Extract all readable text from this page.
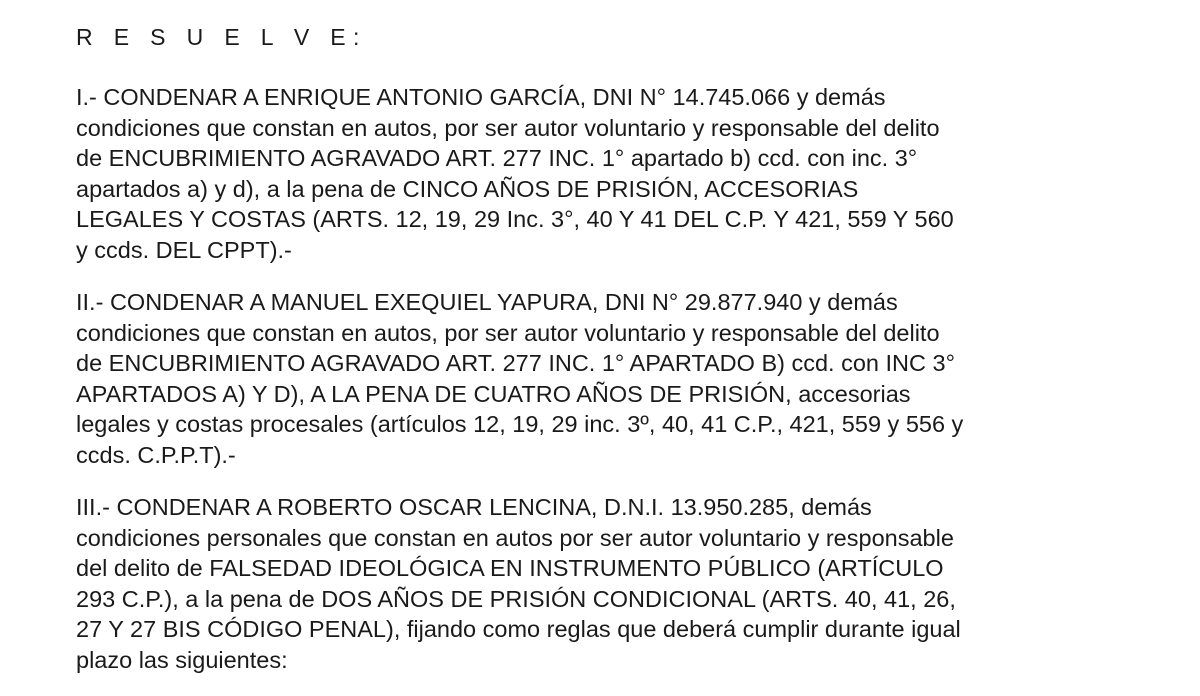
R E S U E L V E:
I.- CONDENAR A ENRIQUE ANTONIO GARCÍA, DNI N° 14.745.066 y demás
condiciones que constan en autos, por ser autor voluntario y responsable del delito
de ENCUBRIMIENTO AGRAVADO ART. 277 INC. 1° apartado b) ccd. con inc. 3°
apartados a) y d), a la pena de CINCO AÑOS DE PRISIÓN, ACCESORIAS
LEGALES Y COSTAS (ARTS. 12, 19, 29 Inc. 3°, 40 Y 41 DEL C.P. Y 421, 559 Y 560
y ccds. DEL CPPT).-
II.- CONDENAR A MANUEL EXEQUIEL YAPURA, DNI N° 29.877.940 y demás
condiciones que constan en autos, por ser autor voluntario y responsable del delito
de ENCUBRIMIENTO AGRAVADO ART. 277 INC. 1° APARTADO B) ccd. con INC 3°
APARTADOS A) Y D), A LA PENA DE CUATRO AÑOS DE PRISIÓN, accesorias
legales y costas procesales (artículos 12, 19, 29 inc. 3º, 40, 41 C.P., 421, 559 y 556 y
ccds. C.P.P.T).-
III.- CONDENAR A ROBERTO OSCAR LENCINA, D.N.I. 13.950.285, demás
condiciones personales que constan en autos por ser autor voluntario y responsable
del delito de FALSEDAD IDEOLÓGICA EN INSTRUMENTO PÚBLICO (ARTÍCULO
293 C.P.), a la pena de DOS AÑOS DE PRISIÓN CONDICIONAL (ARTS. 40, 41, 26,
27 Y 27 BIS CÓDIGO PENAL), fijando como reglas que deberá cumplir durante igual
plazo las siguientes:
